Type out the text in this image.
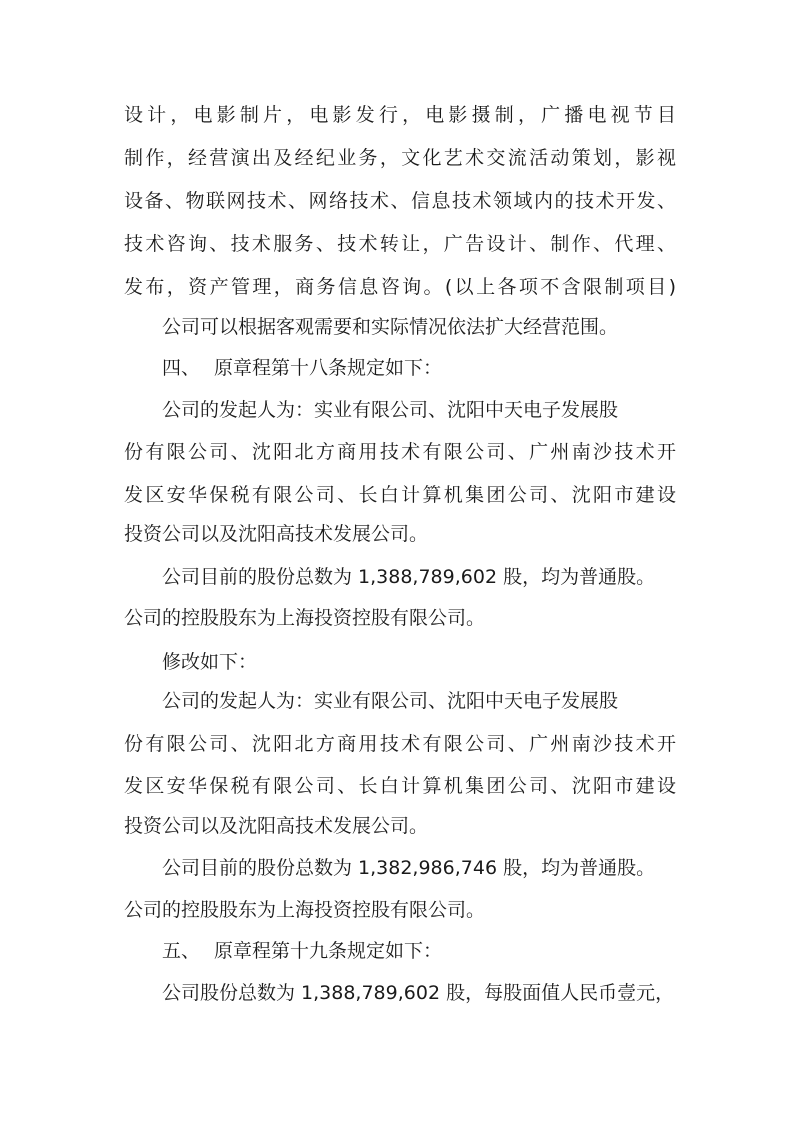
设计，电影制片，电影发行，电影摄制，广播电视节目
制作，经营演出及经纪业务，文化艺术交流活动策划，影视
设备、物联网技术、网络技术、信息技术领域内的技术开发、
技术咨询、技术服务、技术转让，广告设计、制作、代理、
发布，资产管理，商务信息咨询。(以上各项不含限制项目)
公司可以根据客观需要和实际情况依法扩大经营范围。
四、 原章程第十八条规定如下：
公司的发起人为：实业有限公司、沈阳中天电子发展股
份有限公司、沈阳北方商用技术有限公司、广州南沙技术开
发区安华保税有限公司、长白计算机集团公司、沈阳市建设
投资公司以及沈阳高技术发展公司。
公司目前的股份总数为 1,388,789,602 股，均为普通股。
公司的控股股东为上海投资控股有限公司。
修改如下：
公司的发起人为：实业有限公司、沈阳中天电子发展股
份有限公司、沈阳北方商用技术有限公司、广州南沙技术开
发区安华保税有限公司、长白计算机集团公司、沈阳市建设
投资公司以及沈阳高技术发展公司。
公司目前的股份总数为 1,382,986,746 股，均为普通股。
公司的控股股东为上海投资控股有限公司。
五、 原章程第十九条规定如下：
公司股份总数为 1,388,789,602 股，每股面值人民币壹元，
